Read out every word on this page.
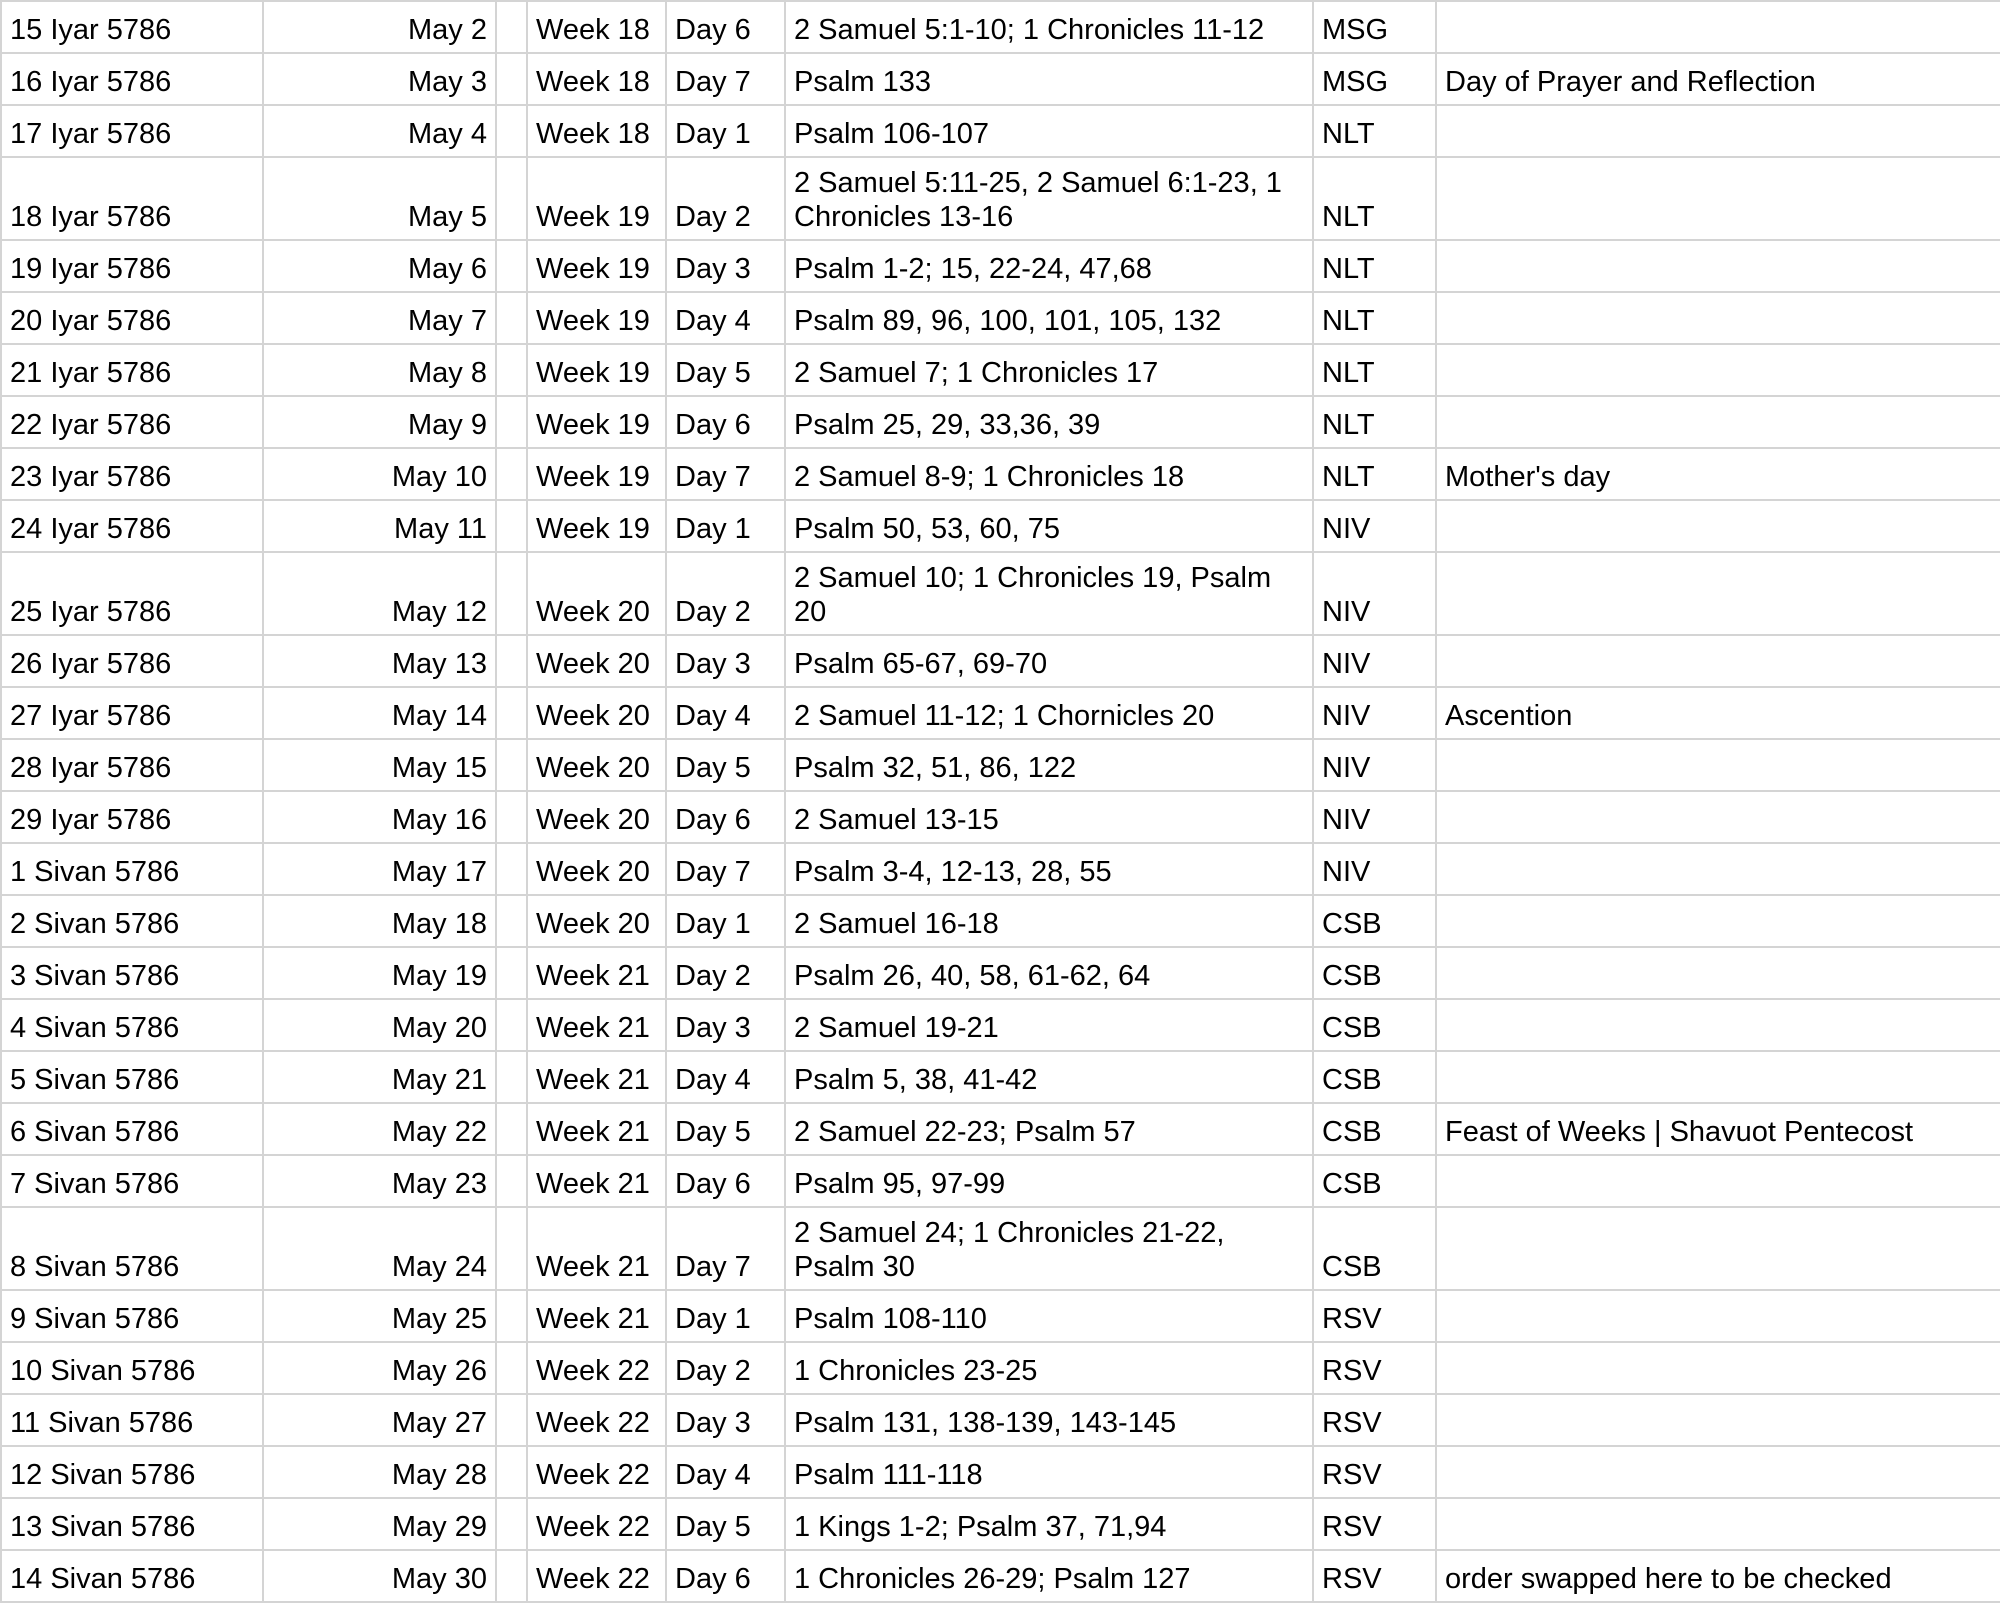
15 Iyar 5786	May 2		Week 18	Day 6	2 Samuel 5:1-10; 1 Chronicles 11-12	MSG	
16 Iyar 5786	May 3		Week 18	Day 7	Psalm 133	MSG	Day of Prayer and Reflection
17 Iyar 5786	May 4		Week 18	Day 1	Psalm 106-107	NLT	
18 Iyar 5786	May 5		Week 19	Day 2	2 Samuel 5:11-25, 2 Samuel 6:1-23, 1 Chronicles 13-16	NLT	
19 Iyar 5786	May 6		Week 19	Day 3	Psalm 1-2; 15, 22-24, 47,68	NLT	
20 Iyar 5786	May 7		Week 19	Day 4	Psalm 89, 96, 100, 101, 105, 132	NLT	
21 Iyar 5786	May 8		Week 19	Day 5	2 Samuel 7; 1 Chronicles 17	NLT	
22 Iyar 5786	May 9		Week 19	Day 6	Psalm 25, 29, 33,36, 39	NLT	
23 Iyar 5786	May 10		Week 19	Day 7	2 Samuel 8-9; 1 Chronicles 18	NLT	Mother's day
24 Iyar 5786	May 11		Week 19	Day 1	Psalm 50, 53, 60, 75	NIV	
25 Iyar 5786	May 12		Week 20	Day 2	2 Samuel 10; 1 Chronicles 19, Psalm 20	NIV	
26 Iyar 5786	May 13		Week 20	Day 3	Psalm 65-67, 69-70	NIV	
27 Iyar 5786	May 14		Week 20	Day 4	2 Samuel 11-12; 1 Chornicles 20	NIV	Ascention
28 Iyar 5786	May 15		Week 20	Day 5	Psalm 32, 51, 86, 122	NIV	
29 Iyar 5786	May 16		Week 20	Day 6	2 Samuel 13-15	NIV	
1 Sivan 5786	May 17		Week 20	Day 7	Psalm 3-4, 12-13, 28, 55	NIV	
2 Sivan 5786	May 18		Week 20	Day 1	2 Samuel 16-18	CSB	
3 Sivan 5786	May 19		Week 21	Day 2	Psalm 26, 40, 58, 61-62, 64	CSB	
4 Sivan 5786	May 20		Week 21	Day 3	2 Samuel 19-21	CSB	
5 Sivan 5786	May 21		Week 21	Day 4	Psalm 5, 38, 41-42	CSB	
6 Sivan 5786	May 22		Week 21	Day 5	2 Samuel 22-23; Psalm 57	CSB	Feast of Weeks | Shavuot Pentecost
7 Sivan 5786	May 23		Week 21	Day 6	Psalm 95, 97-99	CSB	
8 Sivan 5786	May 24		Week 21	Day 7	2 Samuel 24; 1 Chronicles 21-22, Psalm 30	CSB	
9 Sivan 5786	May 25		Week 21	Day 1	Psalm 108-110	RSV	
10 Sivan 5786	May 26		Week 22	Day 2	1 Chronicles 23-25	RSV	
11 Sivan 5786	May 27		Week 22	Day 3	Psalm 131, 138-139, 143-145	RSV	
12 Sivan 5786	May 28		Week 22	Day 4	Psalm 111-118	RSV	
13 Sivan 5786	May 29		Week 22	Day 5	1 Kings 1-2; Psalm 37, 71,94	RSV	
14 Sivan 5786	May 30		Week 22	Day 6	1 Chronicles 26-29; Psalm 127	RSV	order swapped here to be checked
